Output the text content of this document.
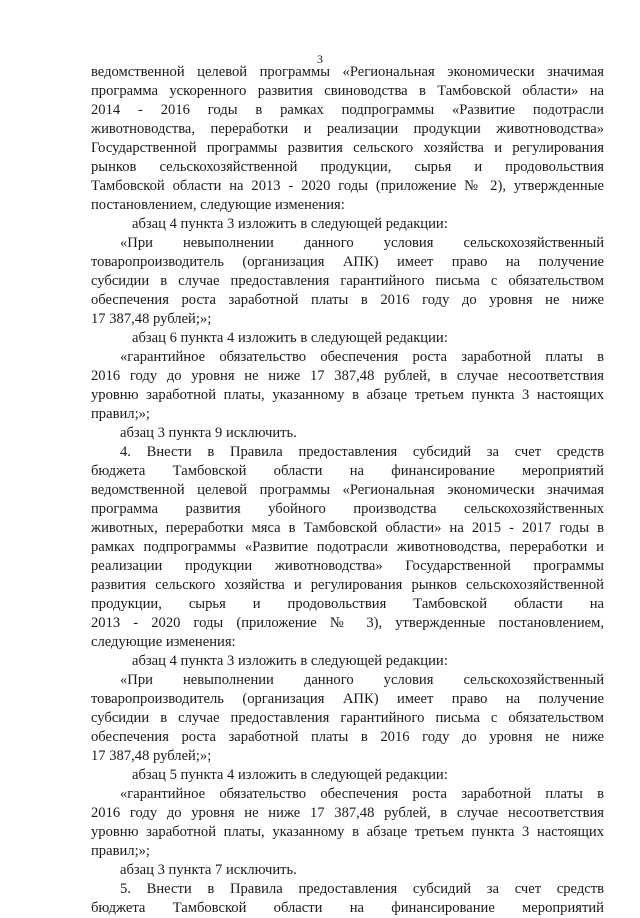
3
ведомственной целевой программы «Региональная экономически значимая
программа ускоренного развития свиноводства в Тамбовской области» на
2014 - 2016 годы в рамках подпрограммы «Развитие подотрасли
животноводства, переработки и реализации продукции животноводства»
Государственной программы развития сельского хозяйства и регулирования
рынков сельскохозяйственной продукции, сырья и продовольствия
Тамбовской области на 2013 - 2020 годы (приложение № 2), утвержденные
постановлением, следующие изменения:
абзац 4 пункта 3 изложить в следующей редакции:
«При невыполнении данного условия сельскохозяйственный
товаропроизводитель (организация АПК) имеет право на получение
субсидии в случае предоставления гарантийного письма с обязательством
обеспечения роста заработной платы в 2016 году до уровня не ниже
17 387,48 рублей;»;
абзац 6 пункта 4 изложить в следующей редакции:
«гарантийное обязательство обеспечения роста заработной платы в
2016 году до уровня не ниже 17 387,48 рублей, в случае несоответствия
уровню заработной платы, указанному в абзаце третьем пункта 3 настоящих
правил;»;
абзац 3 пункта 9 исключить.
4. Внести в Правила предоставления субсидий за счет средств
бюджета Тамбовской области на финансирование мероприятий
ведомственной целевой программы «Региональная экономически значимая
программа развития убойного производства сельскохозяйственных
животных, переработки мяса в Тамбовской области» на 2015 - 2017 годы в
рамках подпрограммы «Развитие подотрасли животноводства, переработки и
реализации продукции животноводства» Государственной программы
развития сельского хозяйства и регулирования рынков сельскохозяйственной
продукции, сырья и продовольствия Тамбовской области на
2013 - 2020 годы (приложение № 3), утвержденные постановлением,
следующие изменения:
абзац 4 пункта 3 изложить в следующей редакции:
«При невыполнении данного условия сельскохозяйственный
товаропроизводитель (организация АПК) имеет право на получение
субсидии в случае предоставления гарантийного письма с обязательством
обеспечения роста заработной платы в 2016 году до уровня не ниже
17 387,48 рублей;»;
абзац 5 пункта 4 изложить в следующей редакции:
«гарантийное обязательство обеспечения роста заработной платы в
2016 году до уровня не ниже 17 387,48 рублей, в случае несоответствия
уровню заработной платы, указанному в абзаце третьем пункта 3 настоящих
правил;»;
абзац 3 пункта 7 исключить.
5. Внести в Правила предоставления субсидий за счет средств
бюджета Тамбовской области на финансирование мероприятий
